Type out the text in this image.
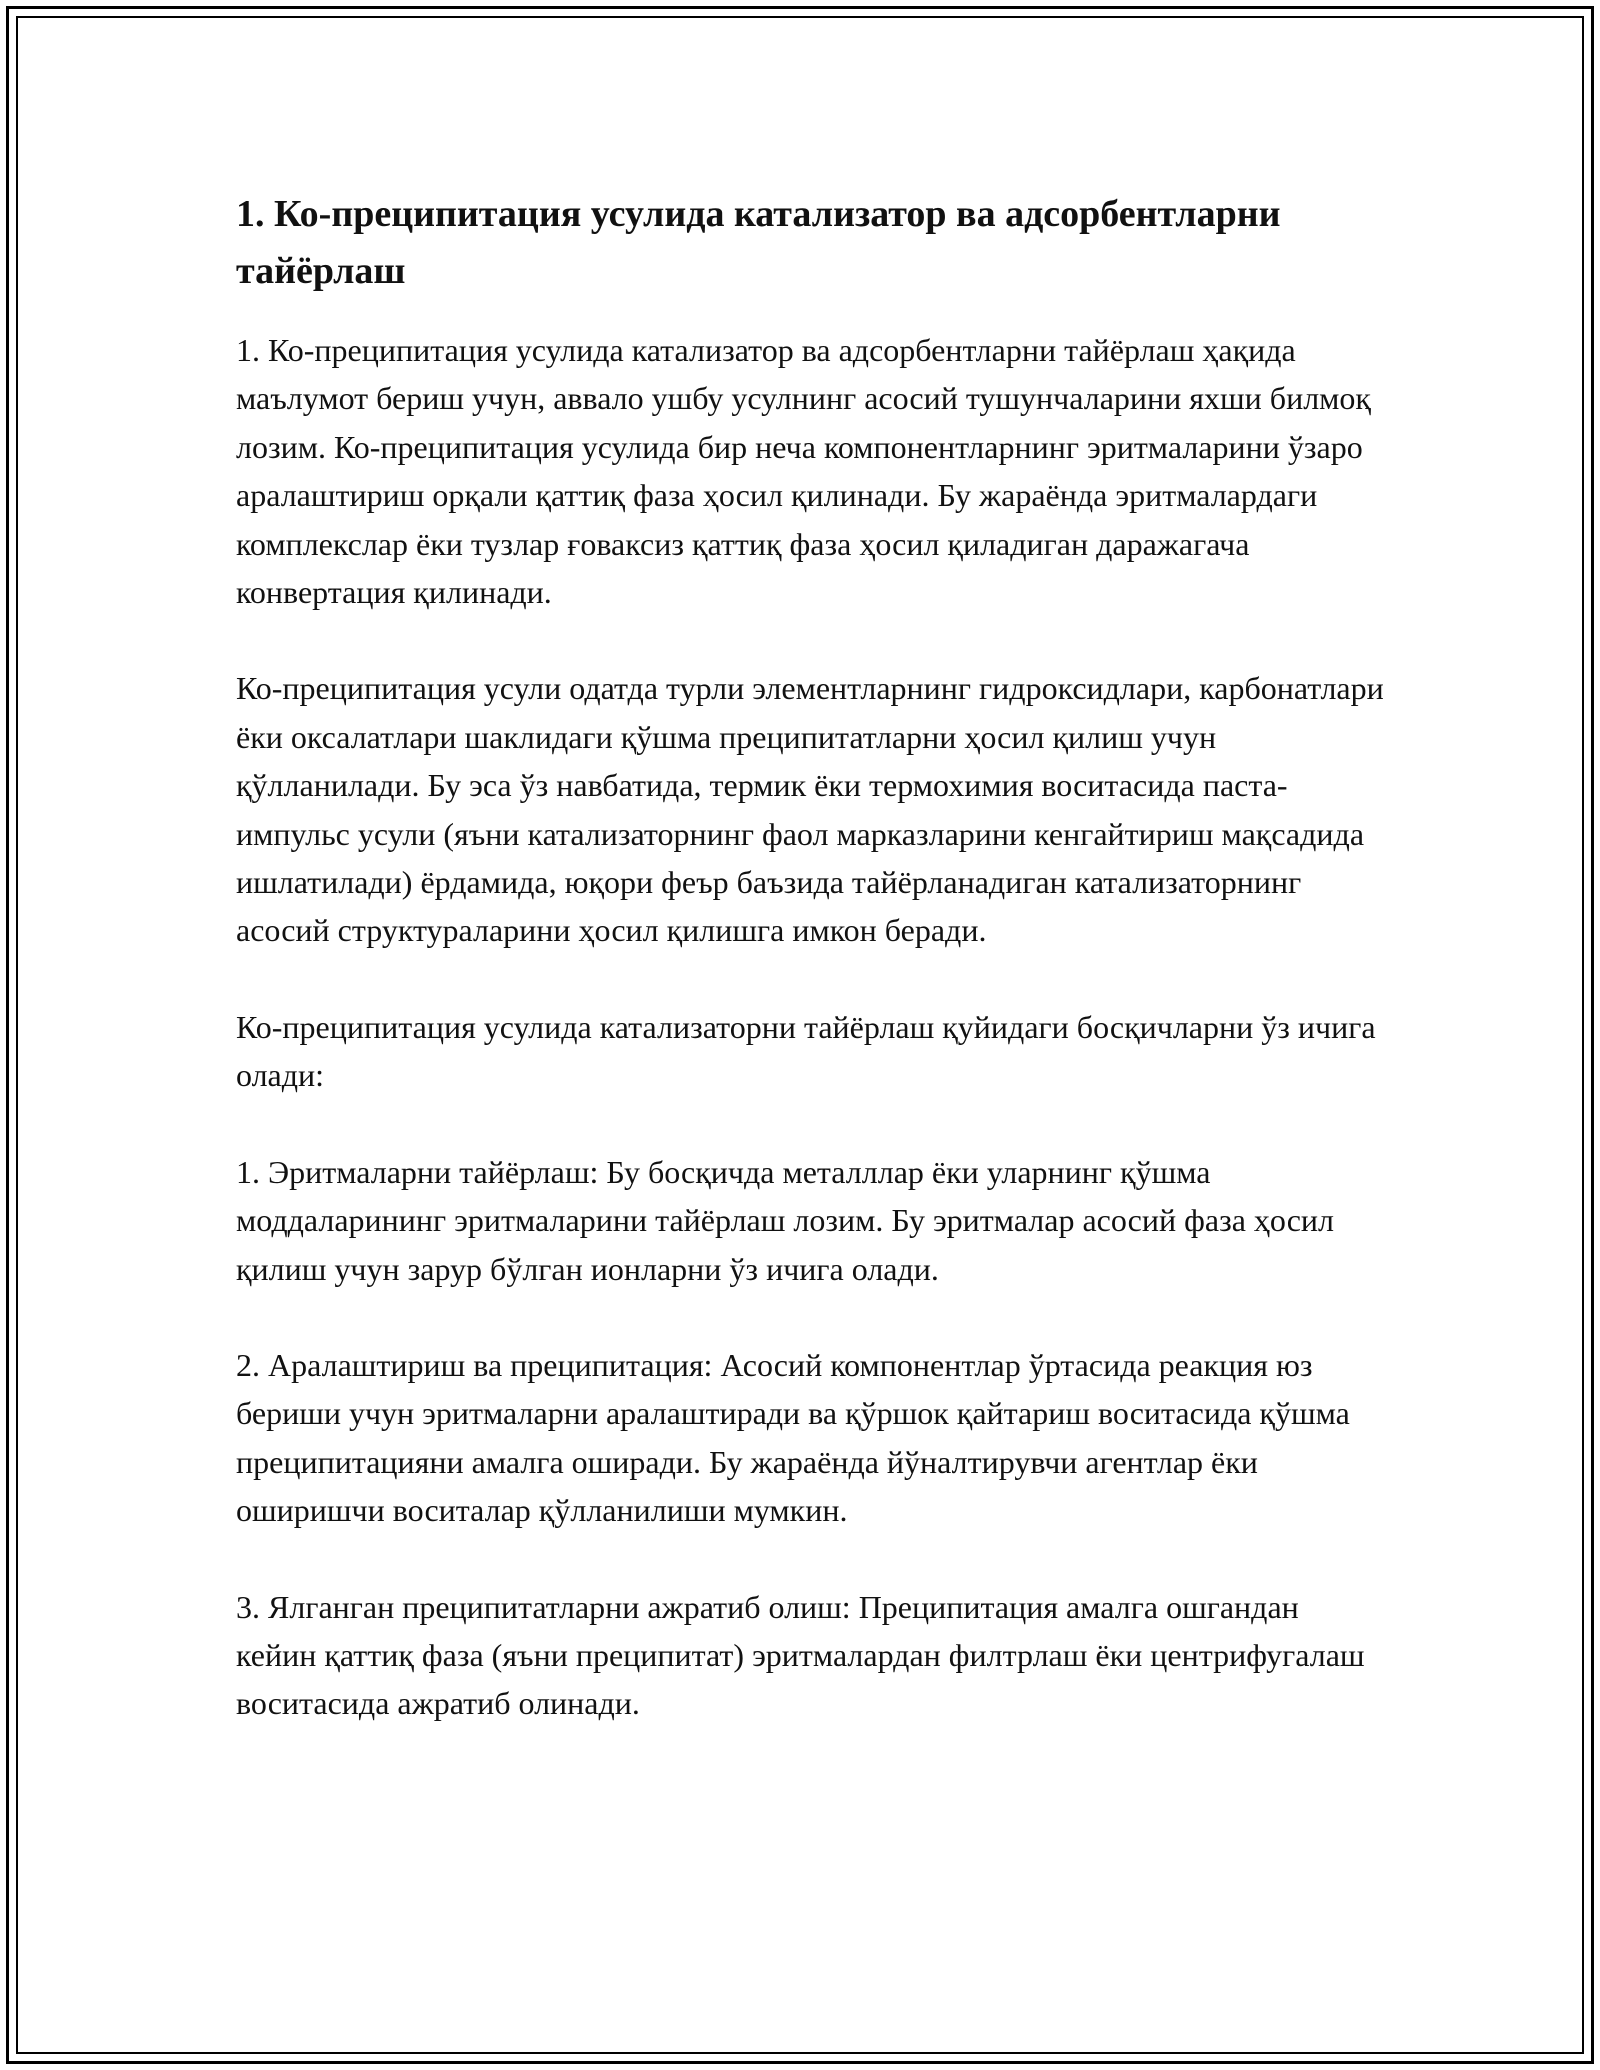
1. Ко-преципитация усулида катализатор ва адсорбентларни тайёрлаш

1. Ко-преципитация усулида катализатор ва адсорбентларни тайёрлаш ҳақида маълумот бериш учун, аввало ушбу усулнинг асосий тушунчаларини яхши билмоқ лозим. Ко-преципитация усулида бир неча компонентларнинг эритмаларини ўзаро аралаштириш орқали қаттиқ фаза ҳосил қилинади. Бу жараёнда эритмалардаги комплекслар ёки тузлар ғоваксиз қаттиқ фаза ҳосил қиладиган даражагача конвертация қилинади.

Ко-преципитация усули одатда турли элементларнинг гидроксидлари, карбонатлари ёки оксалатлари шаклидаги қўшма преципитатларни ҳосил қилиш учун қўлланилади. Бу эса ўз навбатида, термик ёки термохимия воситасида паста-импульс усули (яъни катализаторнинг фаол марказларини кенгайтириш мақсадида ишлатилади) ёрдамида, юқори феър баъзида тайёрланадиган катализаторнинг асосий структураларини ҳосил қилишга имкон беради.

Ко-преципитация усулида катализаторни тайёрлаш қуйидаги босқичларни ўз ичига олади:

1. Эритмаларни тайёрлаш: Бу босқичда металллар ёки уларнинг қўшма моддаларининг эритмаларини тайёрлаш лозим. Бу эритмалар асосий фаза ҳосил қилиш учун зарур бўлган ионларни ўз ичига олади.

2. Аралаштириш ва преципитация: Асосий компонентлар ўртасида реакция юз бериши учун эритмаларни аралаштиради ва қўршок қайтариш воситасида қўшма преципитацияни амалга оширади. Бу жараёнда йўналтирувчи агентлар ёки оширишчи воситалар қўлланилиши мумкин.

3. Ялганган преципитатларни ажратиб олиш: Преципитация амалга ошгандан кейин қаттиқ фаза (яъни преципитат) эритмалардан филтрлаш ёки центрифугалаш воситасида ажратиб олинади.
